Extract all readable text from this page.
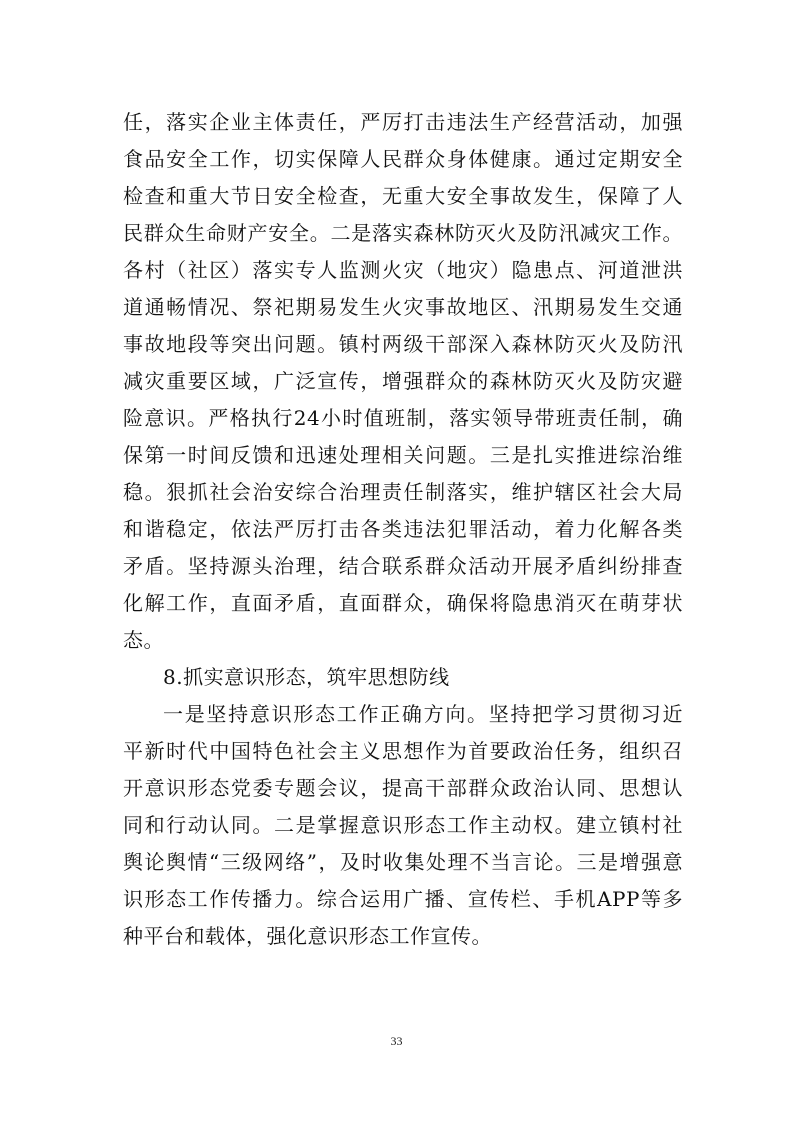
任，落实企业主体责任，严厉打击违法生产经营活动，加强
食品安全工作，切实保障人民群众身体健康。通过定期安全
检查和重大节日安全检查，无重大安全事故发生，保障了人
民群众生命财产安全。二是落实森林防灭火及防汛减灾工作。
各村（社区）落实专人监测火灾（地灾）隐患点、河道泄洪
道通畅情况、祭祀期易发生火灾事故地区、汛期易发生交通
事故地段等突出问题。镇村两级干部深入森林防灭火及防汛
减灾重要区域，广泛宣传，增强群众的森林防灭火及防灾避
险意识。严格执行24小时值班制，落实领导带班责任制，确
保第一时间反馈和迅速处理相关问题。三是扎实推进综治维
稳。狠抓社会治安综合治理责任制落实，维护辖区社会大局
和谐稳定，依法严厉打击各类违法犯罪活动，着力化解各类
矛盾。坚持源头治理，结合联系群众活动开展矛盾纠纷排查
化解工作，直面矛盾，直面群众，确保将隐患消灭在萌芽状
态。
8.抓实意识形态，筑牢思想防线
一是坚持意识形态工作正确方向。坚持把学习贯彻习近
平新时代中国特色社会主义思想作为首要政治任务，组织召
开意识形态党委专题会议，提高干部群众政治认同、思想认
同和行动认同。二是掌握意识形态工作主动权。建立镇村社
舆论舆情“三级网络”，及时收集处理不当言论。三是增强意
识形态工作传播力。综合运用广播、宣传栏、手机APP等多
种平台和载体，强化意识形态工作宣传。
33
